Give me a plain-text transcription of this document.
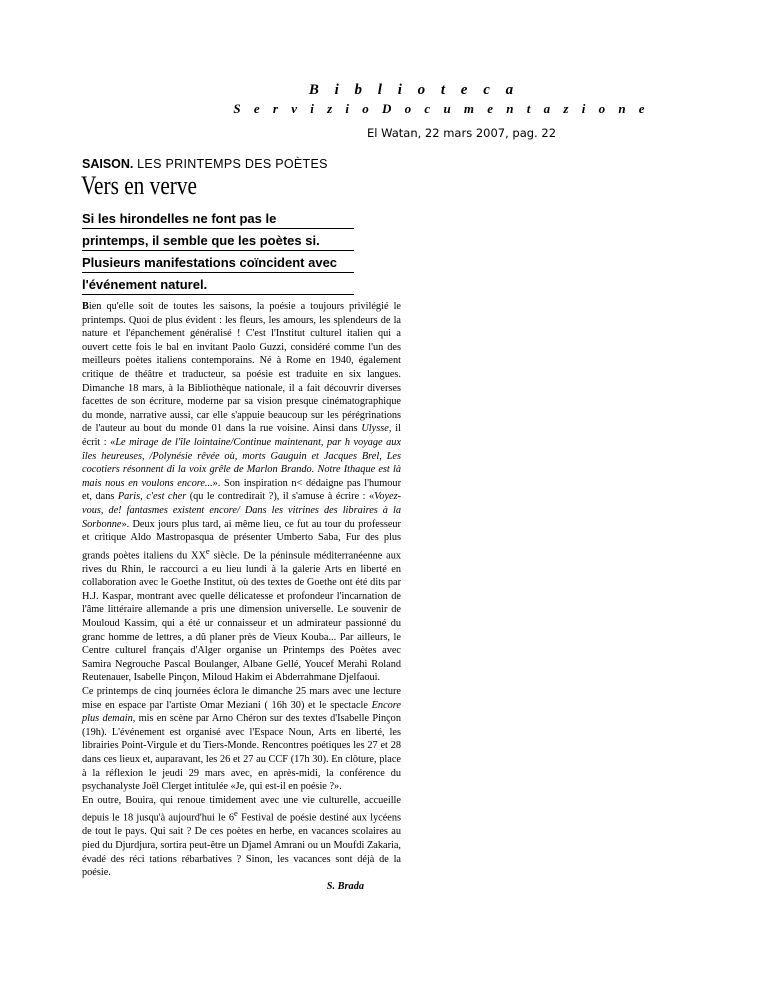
B i b l i o t e c a
S e r v i z i o D o c u m e n t a z i o n e
El Watan, 22 mars 2007, pag. 22
SAISON. LES PRINTEMPS DES POÈTES
Vers en verve
Si les hirondelles ne font pas le
printemps, il semble que les poètes si.
Plusieurs manifestations coïncident avec
l'événement naturel.

Bien qu'elle soit de toutes les saisons, la poésie a toujours privilégié le printemps. Quoi de plus évident : les fleurs, les amours, les splendeurs de la nature et l'épanchement généralisé ! C'est l'Institut culturel italien qui a ouvert cette fois le bal en invitant Paolo Guzzi, considéré comme l'un des meilleurs poètes italiens contemporains. Né à Rome en 1940, également critique de théâtre et traducteur, sa poésie est traduite en six langues. Dimanche 18 mars, à la Bibliothèque nationale, il a fait découvrir diverses facettes de son écriture, moderne par sa vision presque cinématographique du monde, narrative aussi, car elle s'appuie beaucoup sur les pérégrinations de l'auteur au bout du monde 01 dans la rue voisine. Ainsi dans Ulysse, il écrit : «Le mirage de l'île lointaine/Continue maintenant, par h voyage aux îles heureuses, /Polynésie rêvée où, morts Gauguin et Jacques Brel, Les cocotiers résonnent di la voix grêle de Marlon Brando. Notre Ithaque est là mais nous en voulons encore...». Son inspiration n< dédaigne pas l'humour et, dans Paris, c'est cher (qu le contredirait ?), il s'amuse à écrire : «Voyez-vous, de! fantasmes existent encore/ Dans les vitrines des libraires à la Sorbonne». Deux jours plus tard, ai même lieu, ce fut au tour du professeur et critique Aldo Mastropasqua de présenter Umberto Saba, Fur des plus grands poètes italiens du XXe siècle. De la péninsule méditerranéenne aux rives du Rhin, le raccourci a eu lieu lundi à la galerie Arts en liberté en collaboration avec le Goethe Institut, où des textes de Goethe ont été dits par H.J. Kaspar, montrant avec quelle délicatesse et profondeur l'incarnation de l'âme littéraire allemande a pris une dimension universelle. Le souvenir de Mouloud Kassim, qui a été ur connaisseur et un admirateur passionné du granc homme de lettres, a dû planer près de Vieux Kouba... Par ailleurs, le Centre culturel français d'Alger organise un Printemps des Poètes avec Samira Negrouche Pascal Boulanger, Albane Gellé, Youcef Merahi Roland Reutenauer, Isabelle Pinçon, Miloud Hakim ei Abderrahmane Djelfaoui.

Ce printemps de cinq journées éclora le dimanche 25 mars avec une lecture mise en espace par l'artiste Omar Meziani ( 16h 30) et le spectacle Encore plus demain, mis en scène par Arno Chéron sur des textes d'Isabelle Pinçon (19h). L'événement est organisé avec l'Espace Noun, Arts en liberté, les librairies Point-Virgule et du Tiers-Monde. Rencontres poétiques les 27 et 28 dans ces lieux et, auparavant, les 26 et 27 au CCF (17h 30). En clôture, place à la réflexion le jeudi 29 mars avec, en après-midi, la conférence du psychanalyste Joël Clerget intitulée «Je, qui est-il en poésie ?».

En outre, Bouira, qui renoue timidement avec une vie culturelle, accueille depuis le 18 jusqu'à aujourd'hui le 6e Festival de poésie destiné aux lycéens de tout le pays. Qui sait ? De ces poètes en herbe, en vacances scolaires au pied du Djurdjura, sortira peut-être un Djamel Amrani ou un Moufdi Zakaria, évadé des réci tations rébarbatives ? Sinon, les vacances sont déjà de la poésie.

S. Brada
